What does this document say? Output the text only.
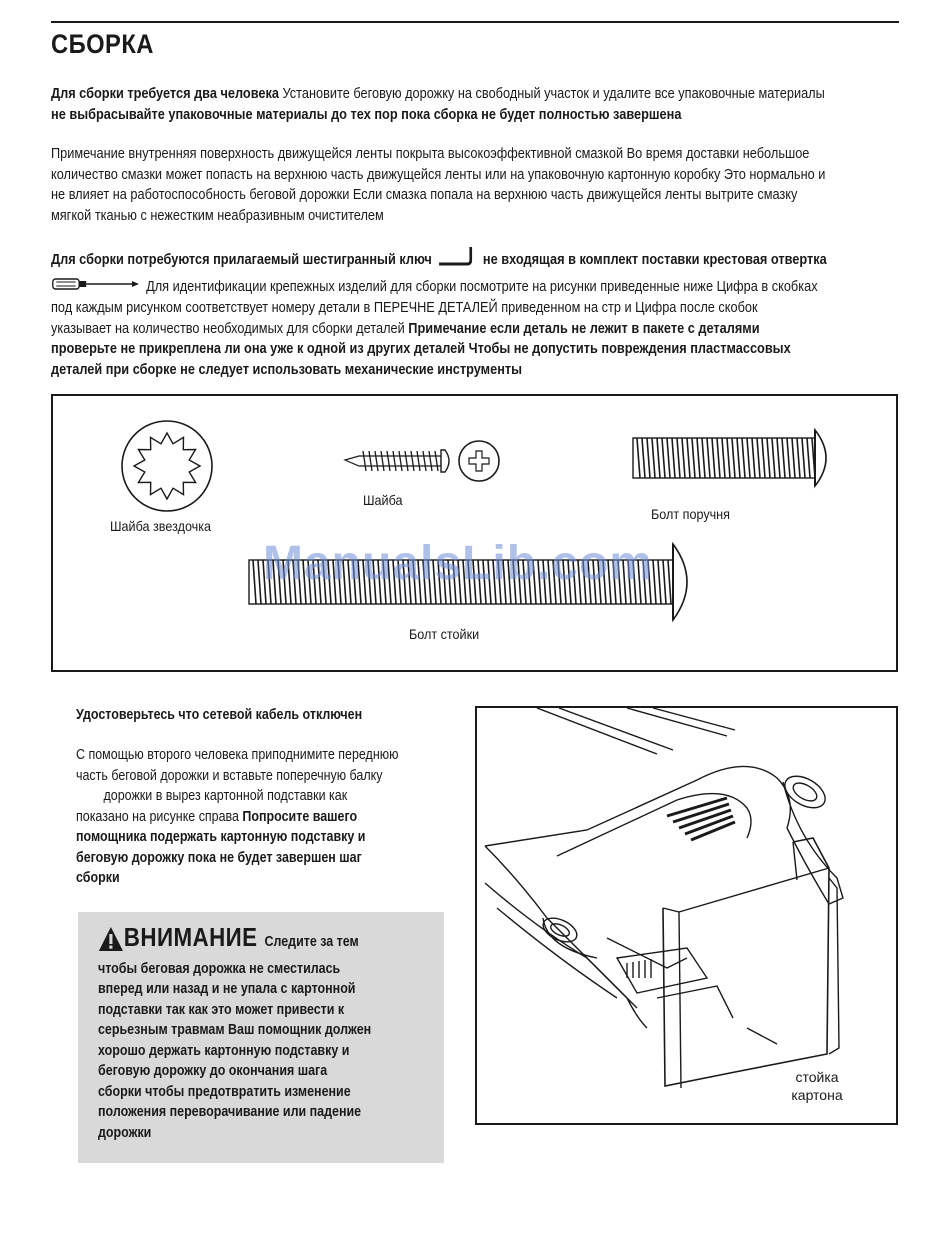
СБОРКА

Для сборки требуется два человека Установите беговую дорожку на свободный участок и удалите все упаковочные материалы
не выбрасывайте упаковочные материалы до тех пор пока сборка не будет полностью завершена

Примечание внутренняя поверхность движущейся ленты покрыта высокоэффективной смазкой Во время доставки небольшое
количество смазки может попасть на верхнюю часть движущейся ленты или на упаковочную картонную коробку Это нормально и
не влияет на работоспособность беговой дорожки Если смазка попала на верхнюю часть движущейся ленты вытрите смазку
мягкой тканью с нежестким неабразивным очистителем

Для сборки потребуются прилагаемый шестигранный ключ	не входящая в комплект поставки крестовая отвертка
Для идентификации крепежных изделий для сборки посмотрите на рисунки приведенные ниже Цифра в скобках
под каждым рисунком соответствует номеру детали в ПЕРЕЧНЕ ДЕТАЛЕЙ приведенном на стр и Цифра после скобок
указывает на количество необходимых для сборки деталей Примечание если деталь не лежит в пакете с деталями
проверьте не прикреплена ли она уже к одной из других деталей Чтобы не допустить повреждения пластмассовых
деталей при сборке не следует использовать механические инструменты

Шайба звездочка
Шайба
Болт поручня
ManualsLib.com
Болт стойки

Удостоверьтесь что сетевой кабель отключен

С помощью второго человека приподнимите переднюю
часть беговой дорожки и вставьте поперечную балку
дорожки в вырез картонной подставки как
показано на рисунке справа Попросите вашего
помощника подержать картонную подставку и
беговую дорожку пока не будет завершен шаг
сборки

ВНИМАНИЕ Следите за тем
чтобы беговая дорожка не сместилась
вперед или назад и не упала с картонной
подставки так как это может привести к
серьезным травмам Ваш помощник должен
хорошо держать картонную подставку и
беговую дорожку до окончания шага
сборки чтобы предотвратить изменение
положения переворачивание или падение
дорожки
стойка
картона
